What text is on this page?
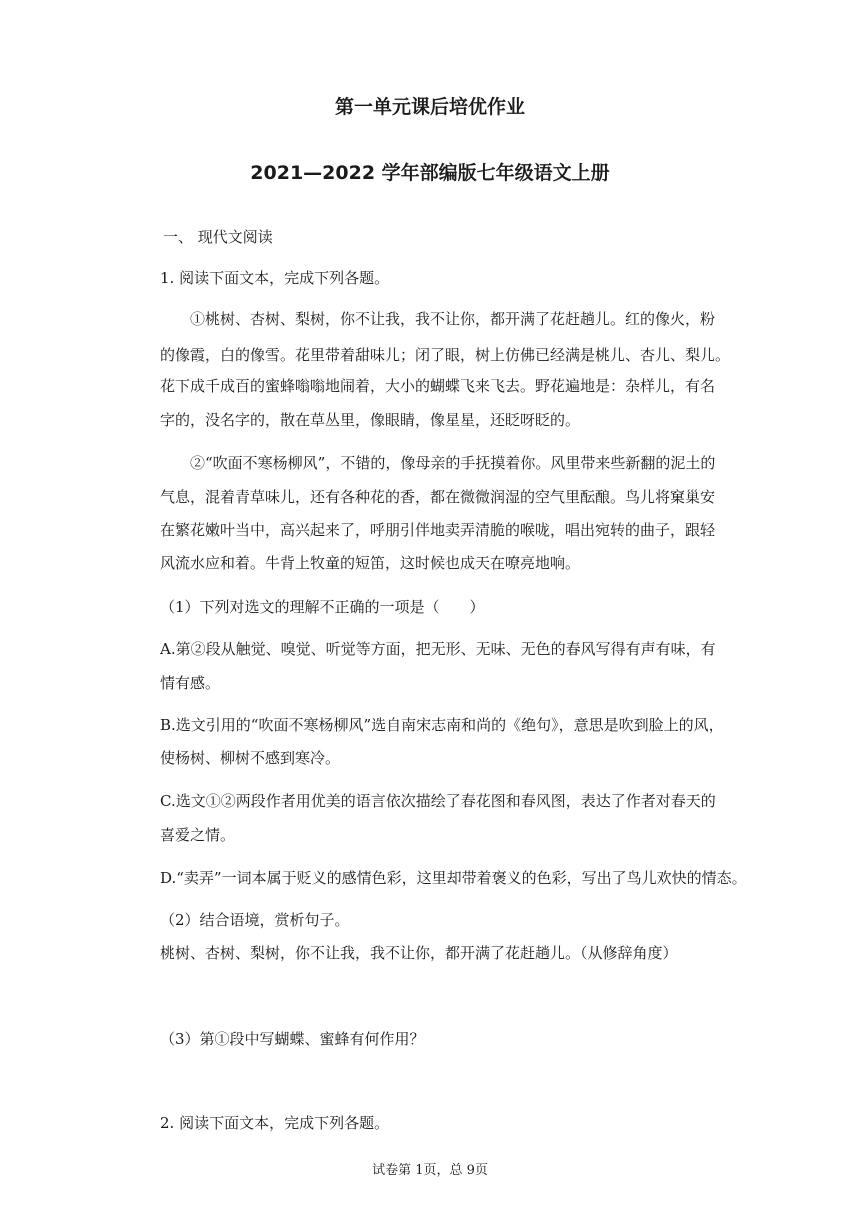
第一单元课后培优作业
2021—2022 学年部编版七年级语文上册
一、 现代文阅读
1. 阅读下面文本，完成下列各题。
①桃树、杏树、梨树，你不让我，我不让你，都开满了花赶趟儿。红的像火，粉
的像霞，白的像雪。花里带着甜味儿；闭了眼，树上仿佛已经满是桃儿、杏儿、梨儿。
花下成千成百的蜜蜂嗡嗡地闹着，大小的蝴蝶飞来飞去。野花遍地是：杂样儿，有名
字的，没名字的，散在草丛里，像眼睛，像星星，还眨呀眨的。
②“吹面不寒杨柳风”，不错的，像母亲的手抚摸着你。风里带来些新翻的泥土的
气息，混着青草味儿，还有各种花的香，都在微微润湿的空气里酝酿。鸟儿将窠巢安
在繁花嫩叶当中，高兴起来了，呼朋引伴地卖弄清脆的喉咙，唱出宛转的曲子，跟轻
风流水应和着。牛背上牧童的短笛，这时候也成天在嘹亮地响。
（1）下列对选文的理解不正确的一项是（　　）
A.第②段从触觉、嗅觉、听觉等方面，把无形、无味、无色的春风写得有声有味，有
情有感。
B.选文引用的“吹面不寒杨柳风”选自南宋志南和尚的《绝句》，意思是吹到脸上的风，
使杨树、柳树不感到寒冷。
C.选文①②两段作者用优美的语言依次描绘了春花图和春风图，表达了作者对春天的
喜爱之情。
D.“卖弄”一词本属于贬义的感情色彩，这里却带着褒义的色彩，写出了鸟儿欢快的情态。
（2）结合语境，赏析句子。
桃树、杏树、梨树，你不让我，我不让你，都开满了花赶趟儿。（从修辞角度）
（3）第①段中写蝴蝶、蜜蜂有何作用？
2. 阅读下面文本，完成下列各题。
试卷第 1页，总 9页
